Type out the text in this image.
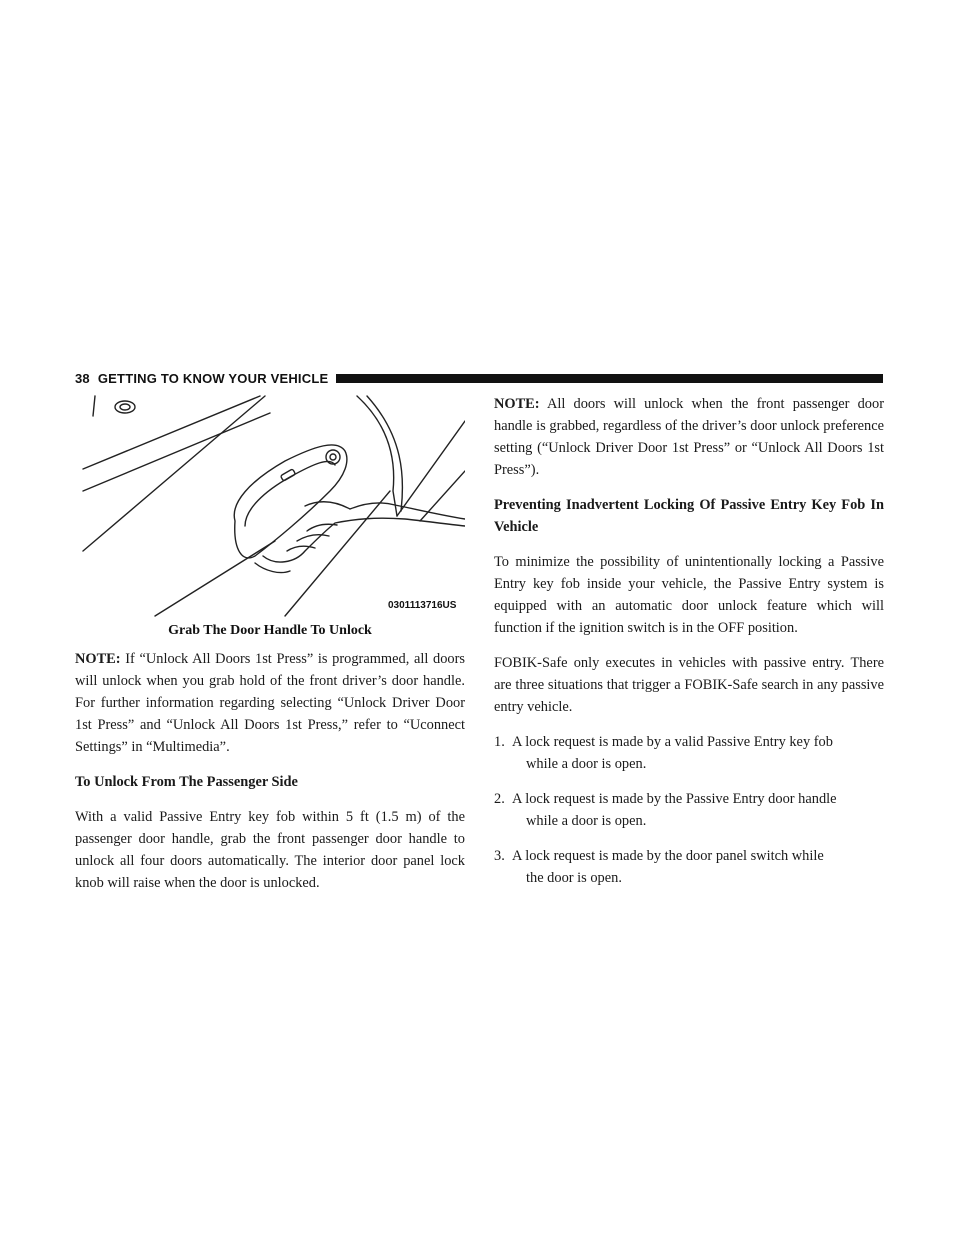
38 GETTING TO KNOW YOUR VEHICLE
0301113716US
Grab The Door Handle To Unlock

NOTE: If “Unlock All Doors 1st Press” is programmed, all doors will unlock when you grab hold of the front driver’s door handle. For further information regarding selecting “Unlock Driver Door 1st Press” and “Unlock All Doors 1st Press,” refer to “Uconnect Settings” in “Multimedia”.

To Unlock From The Passenger Side

With a valid Passive Entry key fob within 5 ft (1.5 m) of the passenger door handle, grab the front passenger door handle to unlock all four doors automatically. The interior door panel lock knob will raise when the door is unlocked.

NOTE: All doors will unlock when the front passenger door handle is grabbed, regardless of the driver’s door unlock preference setting (“Unlock Driver Door 1st Press” or “Unlock All Doors 1st Press”).

Preventing Inadvertent Locking Of Passive Entry Key Fob In Vehicle

To minimize the possibility of unintentionally locking a Passive Entry key fob inside your vehicle, the Passive Entry system is equipped with an automatic door unlock feature which will function if the ignition switch is in the OFF position.

FOBIK-Safe only executes in vehicles with passive entry. There are three situations that trigger a FOBIK-Safe search in any passive entry vehicle.

1. A lock request is made by a valid Passive Entry key fob
while a door is open.
2. A lock request is made by the Passive Entry door handle
while a door is open.
3. A lock request is made by the door panel switch while
the door is open.
